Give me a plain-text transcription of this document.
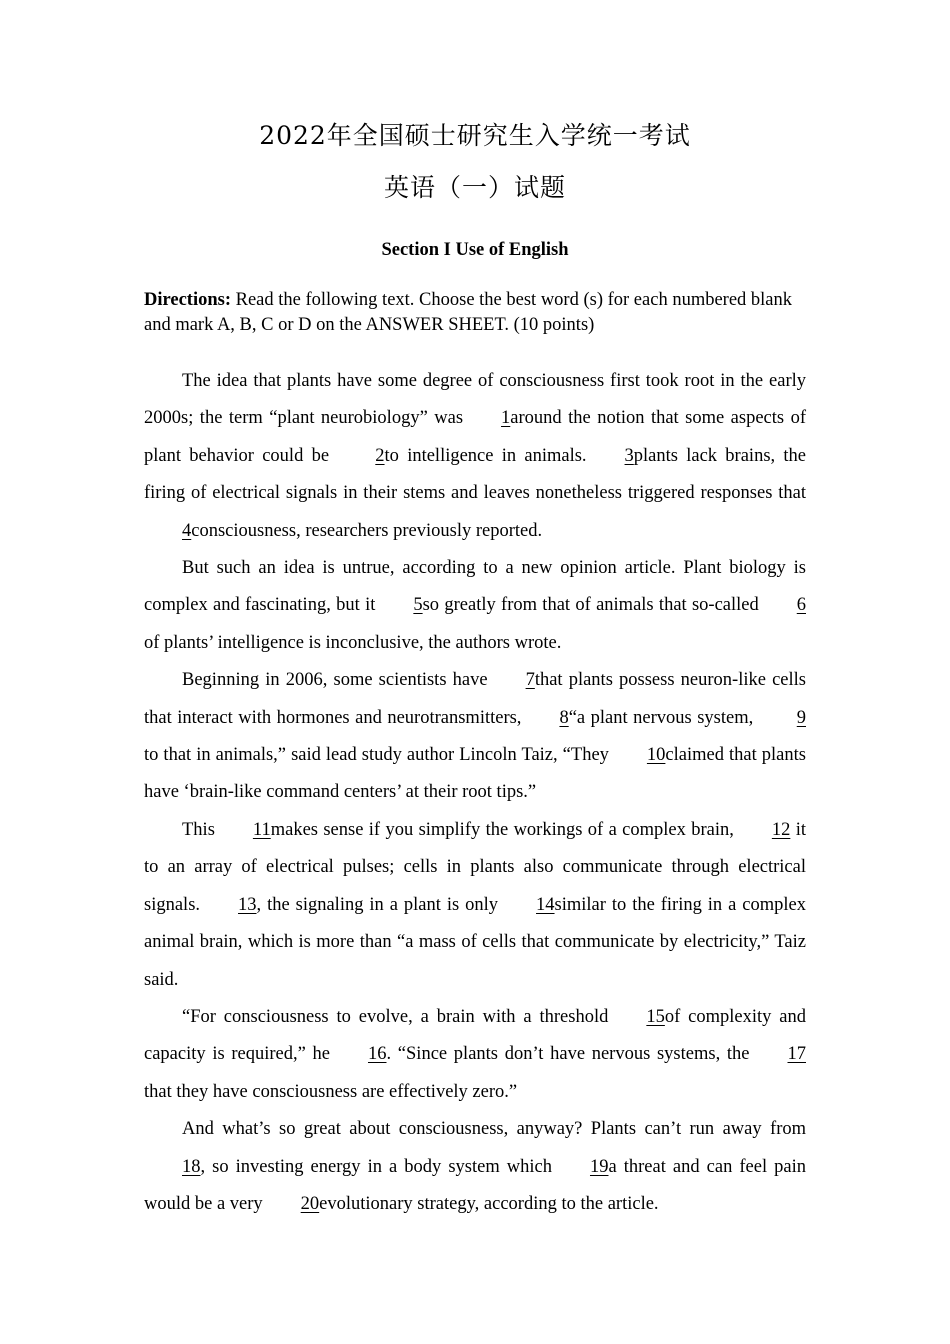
2022年全国硕士研究生入学统一考试
英语（一）试题
Section I Use of English
Directions: Read the following text. Choose the best word (s) for each numbered blank and mark A, B, C or D on the ANSWER SHEET. (10 points)

The idea that plants have some degree of consciousness first took root in the early 2000s; the term “plant neurobiology” was 1around the notion that some aspects of plant behavior could be	2to intelligence in animals. 3plants lack brains, the firing of electrical signals in their stems and leaves nonetheless triggered responses that4consciousness, researchers previously reported.

But such an idea is untrue, according to a new opinion article. Plant biology is complex and fascinating, but it 5so greatly from that of animals that so-called 6 of plants’ intelligence is inconclusive, the authors wrote.

Beginning in 2006, some scientists have 7that plants possess neuron-like cells that interact with hormones and neurotransmitters, 8“a plant nervous system, 9 to that in animals,” said lead study author Lincoln Taiz, “They 10claimed that plants have ‘brain-like command centers’ at their root tips.”

This 11makes sense if you simplify the workings of a complex brain, 12 it to an array of electrical pulses; cells in plants also communicate through electrical signals. 13, the signaling in a plant is only 14similar to the firing in a complex animal brain, which is more than “a mass of cells that communicate by electricity,” Taiz said.

“For consciousness to evolve, a brain with a threshold 15of complexity and capacity is required,” he 16. “Since plants don’t have nervous systems, the 17 that they have consciousness are effectively zero.”

And what’s so great about consciousness, anyway? Plants can’t run away from 18, so investing energy in a body system which 19a threat and can feel pain would be a very 20evolutionary strategy, according to the article.
